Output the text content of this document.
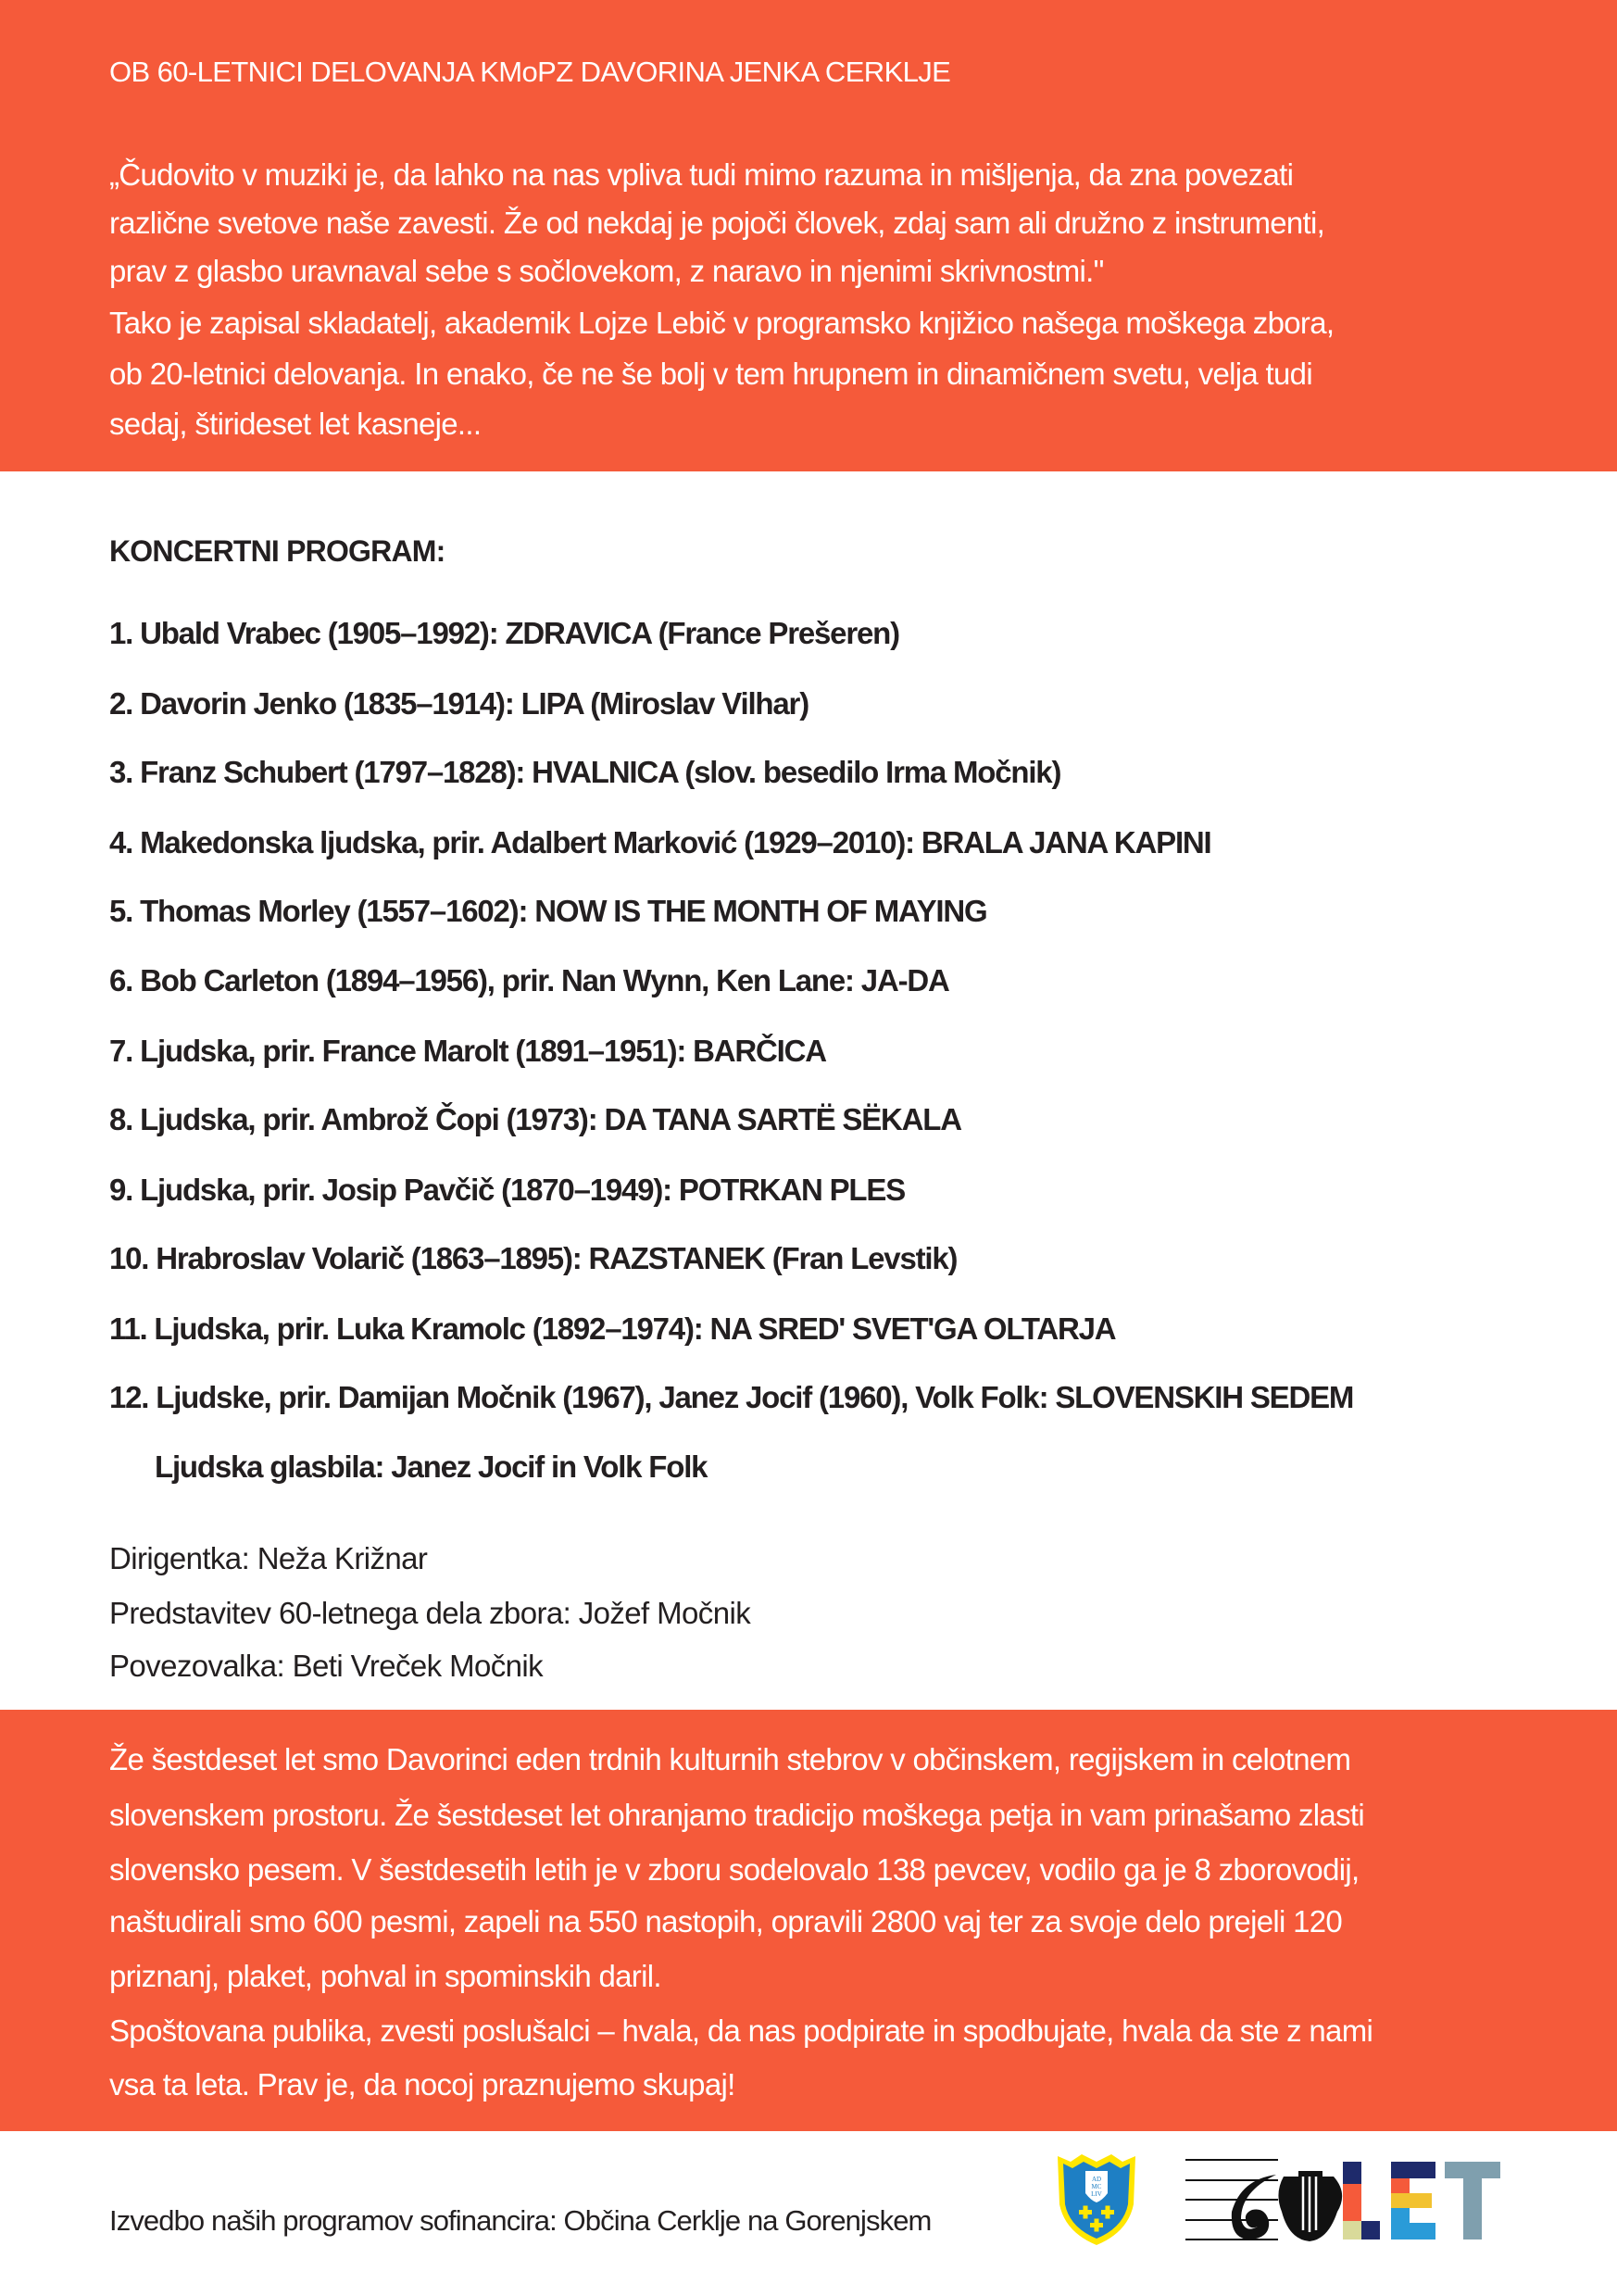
OB 60-LETNICI DELOVANJA KMoPZ DAVORINA JENKA CERKLJE
„Čudovito v muziki je, da lahko na nas vpliva tudi mimo razuma in mišljenja, da zna povezati
različne svetove naše zavesti. Že od nekdaj je pojoči človek, zdaj sam ali družno z instrumenti,
prav z glasbo uravnaval sebe s sočlovekom, z naravo in njenimi skrivnostmi."
Tako je zapisal skladatelj, akademik Lojze Lebič v programsko knjižico našega moškega zbora,
ob 20-letnici delovanja. In enako, če ne še bolj v tem hrupnem in dinamičnem svetu, velja tudi
sedaj, štirideset let kasneje...
KONCERTNI PROGRAM:
1. Ubald Vrabec (1905–1992): ZDRAVICA (France Prešeren)
2. Davorin Jenko (1835–1914): LIPA (Miroslav Vilhar)
3. Franz Schubert (1797–1828): HVALNICA (slov. besedilo Irma Močnik)
4. Makedonska ljudska, prir. Adalbert Marković (1929–2010): BRALA JANA KAPINI
5. Thomas Morley (1557–1602): NOW IS THE MONTH OF MAYING
6. Bob Carleton (1894–1956), prir. Nan Wynn, Ken Lane: JA-DA
7. Ljudska, prir. France Marolt (1891–1951): BARČICA
8. Ljudska, prir. Ambrož Čopi (1973): DA TANA SARTË SËKALA
9. Ljudska, prir. Josip Pavčič (1870–1949): POTRKAN PLES
10. Hrabroslav Volarič (1863–1895): RAZSTANEK (Fran Levstik)
11. Ljudska, prir. Luka Kramolc (1892–1974): NA SRED' SVET'GA OLTARJA
12. Ljudske, prir. Damijan Močnik (1967), Janez Jocif (1960), Volk Folk: SLOVENSKIH SEDEM
Ljudska glasbila: Janez Jocif in Volk Folk
Dirigentka: Neža Križnar
Predstavitev 60-letnega dela zbora: Jožef Močnik
Povezovalka: Beti Vreček Močnik
Že šestdeset let smo Davorinci eden trdnih kulturnih stebrov v občinskem, regijskem in celotnem
slovenskem prostoru. Že šestdeset let ohranjamo tradicijo moškega petja in vam prinašamo zlasti
slovensko pesem. V šestdesetih letih je v zboru sodelovalo 138 pevcev, vodilo ga je 8 zborovodij,
naštudirali smo 600 pesmi, zapeli na 550 nastopih, opravili 2800 vaj ter za svoje delo prejeli 120
priznanj, plaket, pohval in spominskih daril.
Spoštovana publika, zvesti poslušalci – hvala, da nas podpirate in spodbujate, hvala da ste z nami
vsa ta leta. Prav je, da nocoj praznujemo skupaj!
Izvedbo naših programov sofinancira: Občina Cerklje na Gorenjskem
AD
MC
LIV
